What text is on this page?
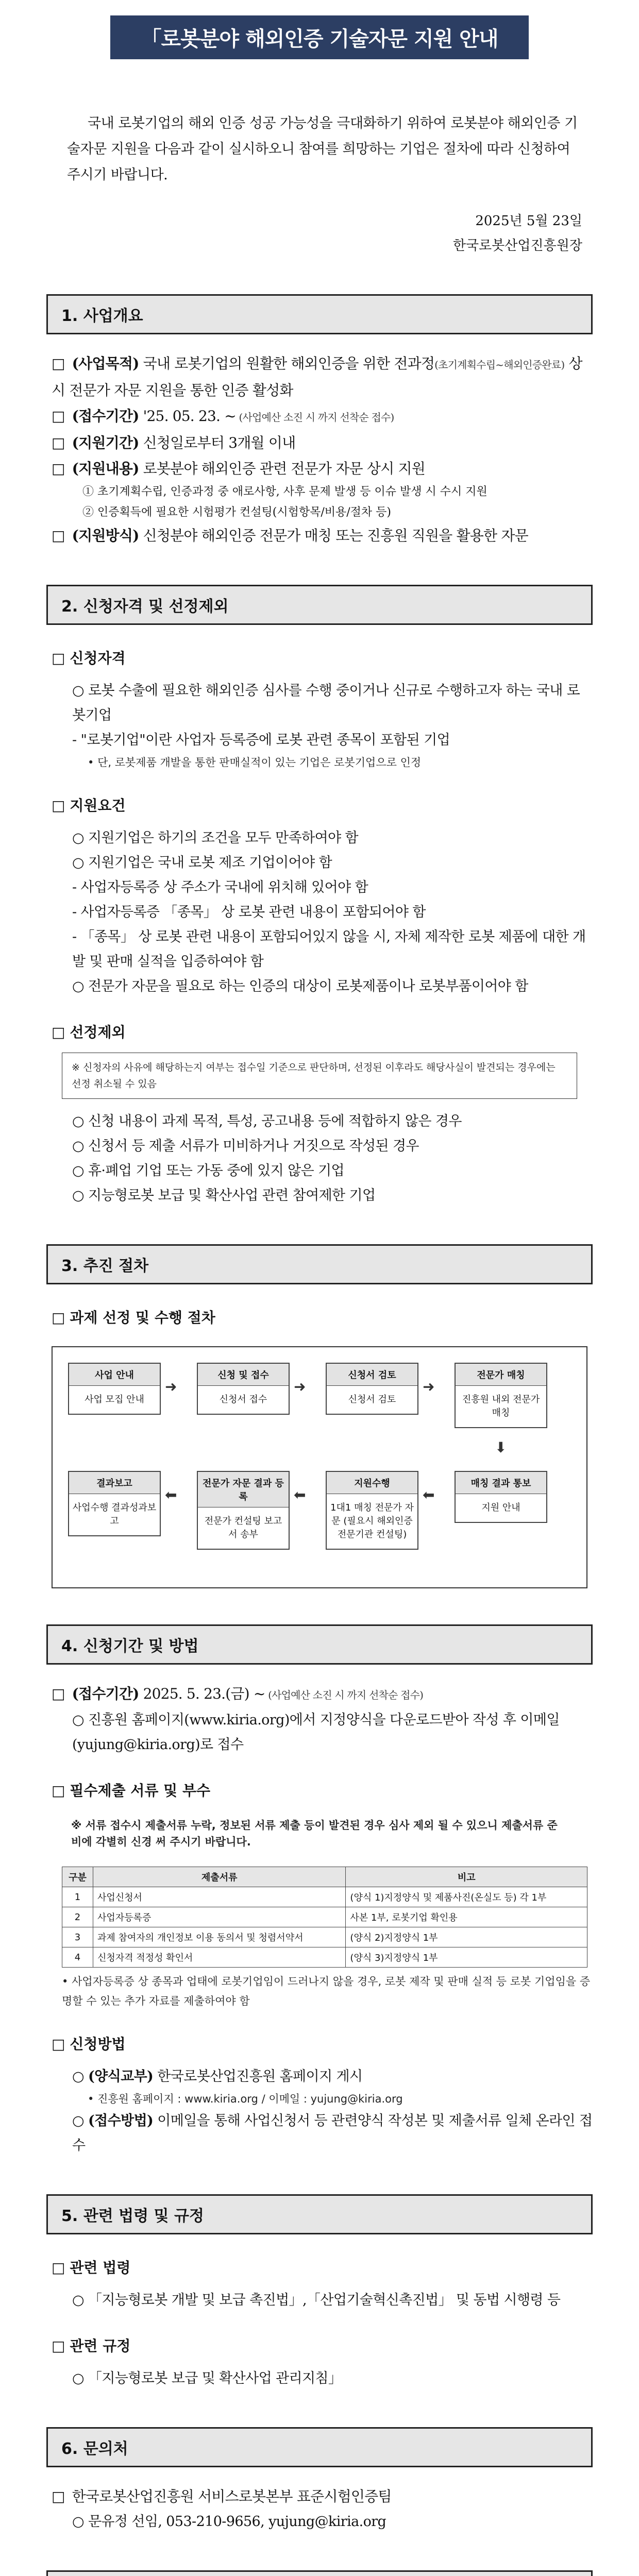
「로봇분야 해외인증 기술자문 지원 안내

국내 로봇기업의 해외 인증 성공 가능성을 극대화하기 위하여 로봇분야 해외인증 기술자문 지원을 다음과 같이 실시하오니 참여를 희망하는 기업은 절차에 따라 신청하여 주시기 바랍니다.

2025년 5월 23일
한국로봇산업진흥원장
1. 사업개요

□ (사업목적) 국내 로봇기업의 원활한 해외인증을 위한 전과정(초기계획수립~해외인증완료) 상시 전문가 자문 지원을 통한 인증 활성화

□ (접수기간) '25. 05. 23. ~ (사업예산 소진 시 까지 선착순 접수)

□ (지원기간) 신청일로부터 3개월 이내

□ (지원내용) 로봇분야 해외인증 관련 전문가 자문 상시 지원

① 초기계획수립, 인증과정 중 애로사항, 사후 문제 발생 등 이슈 발생 시 수시 지원

② 인증획득에 필요한 시험평가 컨설팅(시험항목/비용/절차 등)

□ (지원방식) 신청분야 해외인증 전문가 매칭 또는 진흥원 직원을 활용한 자문

2. 신청자격 및 선정제외

□ 신청자격

○ 로봇 수출에 필요한 해외인증 심사를 수행 중이거나 신규로 수행하고자 하는 국내 로봇기업

- "로봇기업"이란 사업자 등록증에 로봇 관련 종목이 포함된 기업

• 단, 로봇제품 개발을 통한 판매실적이 있는 기업은 로봇기업으로 인정

□ 지원요건

○ 지원기업은 하기의 조건을 모두 만족하여야 함

○ 지원기업은 국내 로봇 제조 기업이어야 함

- 사업자등록증 상 주소가 국내에 위치해 있어야 함

- 사업자등록증 「종목」 상 로봇 관련 내용이 포함되어야 함

- 「종목」 상 로봇 관련 내용이 포함되어있지 않을 시, 자체 제작한 로봇 제품에 대한 개발 및 판매 실적을 입증하여야 함

○ 전문가 자문을 필요로 하는 인증의 대상이 로봇제품이나 로봇부품이어야 함

□ 선정제외

※ 신청자의 사유에 해당하는지 여부는 접수일 기준으로 판단하며, 선정된 이후라도 해당사실이 발견되는 경우에는 선정 취소될 수 있음

○ 신청 내용이 과제 목적, 특성, 공고내용 등에 적합하지 않은 경우

○ 신청서 등 제출 서류가 미비하거나 거짓으로 작성된 경우

○ 휴·폐업 기업 또는 가동 중에 있지 않은 기업

○ 지능형로봇 보급 및 확산사업 관련 참여제한 기업

3. 추진 절차

□ 과제 선정 및 수행 절차

사업 안내
사업 모집 안내
➜
신청 및 접수
신청서 접수
➜
신청서 검토
신청서 검토
➜
전문가 매칭
진흥원 내외 전문가 매칭
⬇
결과보고
사업수행 결과성과보고
⬅
전문가 자문 결과 등록
전문가 컨설팅 보고서 송부
⬅
지원수행
1대1 매칭 전문가 자문 (필요시 해외인증 전문기관 컨설팅)
⬅
매칭 결과 통보
지원 안내
4. 신청기간 및 방법

□ (접수기간) 2025. 5. 23.(금) ~ (사업예산 소진 시 까지 선착순 접수)

○ 진흥원 홈페이지(www.kiria.org)에서 지정양식을 다운로드받아 작성 후 이메일(yujung@kiria.org)로 접수

□ 필수제출 서류 및 부수

※ 서류 접수시 제출서류 누락, 정보된 서류 제출 등이 발견된 경우 심사 제외 될 수 있으니 제출서류 준비에 각별히 신경 써 주시기 바랍니다.

구분	제출서류	비고
1	사업신청서	(양식 1)지정양식 및 제품사진(온실도 등) 각 1부
2	사업자등록증	사본 1부, 로봇기업 확인용
3	과제 참여자의 개인정보 이용 동의서 및 청렴서약서	(양식 2)지정양식 1부
4	신청자격 적정성 확인서	(양식 3)지정양식 1부

• 사업자등록증 상 종목과 업태에 로봇기업임이 드러나지 않을 경우, 로봇 제작 및 판매 실적 등 로봇 기업임을 증명할 수 있는 추가 자료를 제출하여야 함

□ 신청방법

○ (양식교부) 한국로봇산업진흥원 홈페이지 게시

• 진흥원 홈페이지 : www.kiria.org / 이메일 : yujung@kiria.org

○ (접수방법) 이메일을 통해 사업신청서 등 관련양식 작성본 및 제출서류 일체 온라인 접수

5. 관련 법령 및 규정

□ 관련 법령

○ 「지능형로봇 개발 및 보급 촉진법」,「산업기술혁신촉진법」 및 동법 시행령 등

□ 관련 규정

○ 「지능형로봇 보급 및 확산사업 관리지침」

6. 문의처

□ 한국로봇산업진흥원 서비스로봇본부 표준시험인증팀

○ 문유정 선임, 053-210-9656, yujung@kiria.org
